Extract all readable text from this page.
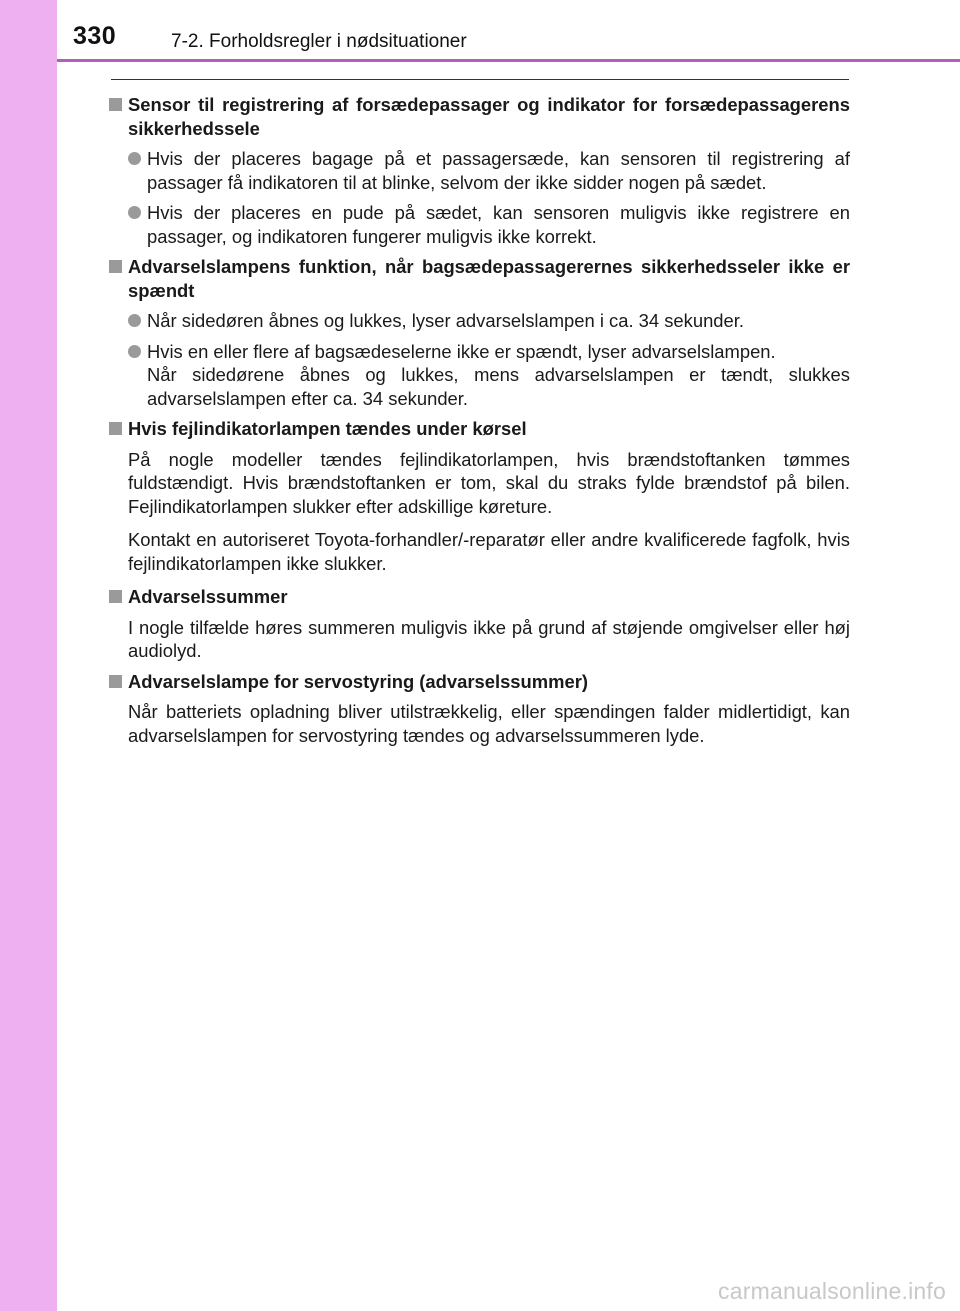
330	7-2. Forholdsregler i nødsituationer
Sensor til registrering af forsædepassager og indikator for forsædepassagerens sikkerhedssele
Hvis der placeres bagage på et passagersæde, kan sensoren til registrering af passager få indikatoren til at blinke, selvom der ikke sidder nogen på sædet.
Hvis der placeres en pude på sædet, kan sensoren muligvis ikke registrere en passager, og indikatoren fungerer muligvis ikke korrekt.
Advarselslampens funktion, når bagsædepassagerernes sikkerhedsseler ikke er spændt
Når sidedøren åbnes og lukkes, lyser advarselslampen i ca. 34 sekunder.
Hvis en eller flere af bagsædeselerne ikke er spændt, lyser advarselslampen.
Når sidedørene åbnes og lukkes, mens advarselslampen er tændt, slukkes advarselslampen efter ca. 34 sekunder.
Hvis fejlindikatorlampen tændes under kørsel
På nogle modeller tændes fejlindikatorlampen, hvis brændstoftanken tømmes fuldstændigt. Hvis brændstoftanken er tom, skal du straks fylde brændstof på bilen. Fejlindikatorlampen slukker efter adskillige køreture.
Kontakt en autoriseret Toyota-forhandler/-reparatør eller andre kvalificerede fagfolk, hvis fejlindikatorlampen ikke slukker.
Advarselssummer
I nogle tilfælde høres summeren muligvis ikke på grund af støjende omgivelser eller høj audiolyd.
Advarselslampe for servostyring (advarselssummer)
Når batteriets opladning bliver utilstrækkelig, eller spændingen falder midlertidigt, kan advarselslampen for servostyring tændes og advarselssummeren lyde.
carmanualsonline.info
